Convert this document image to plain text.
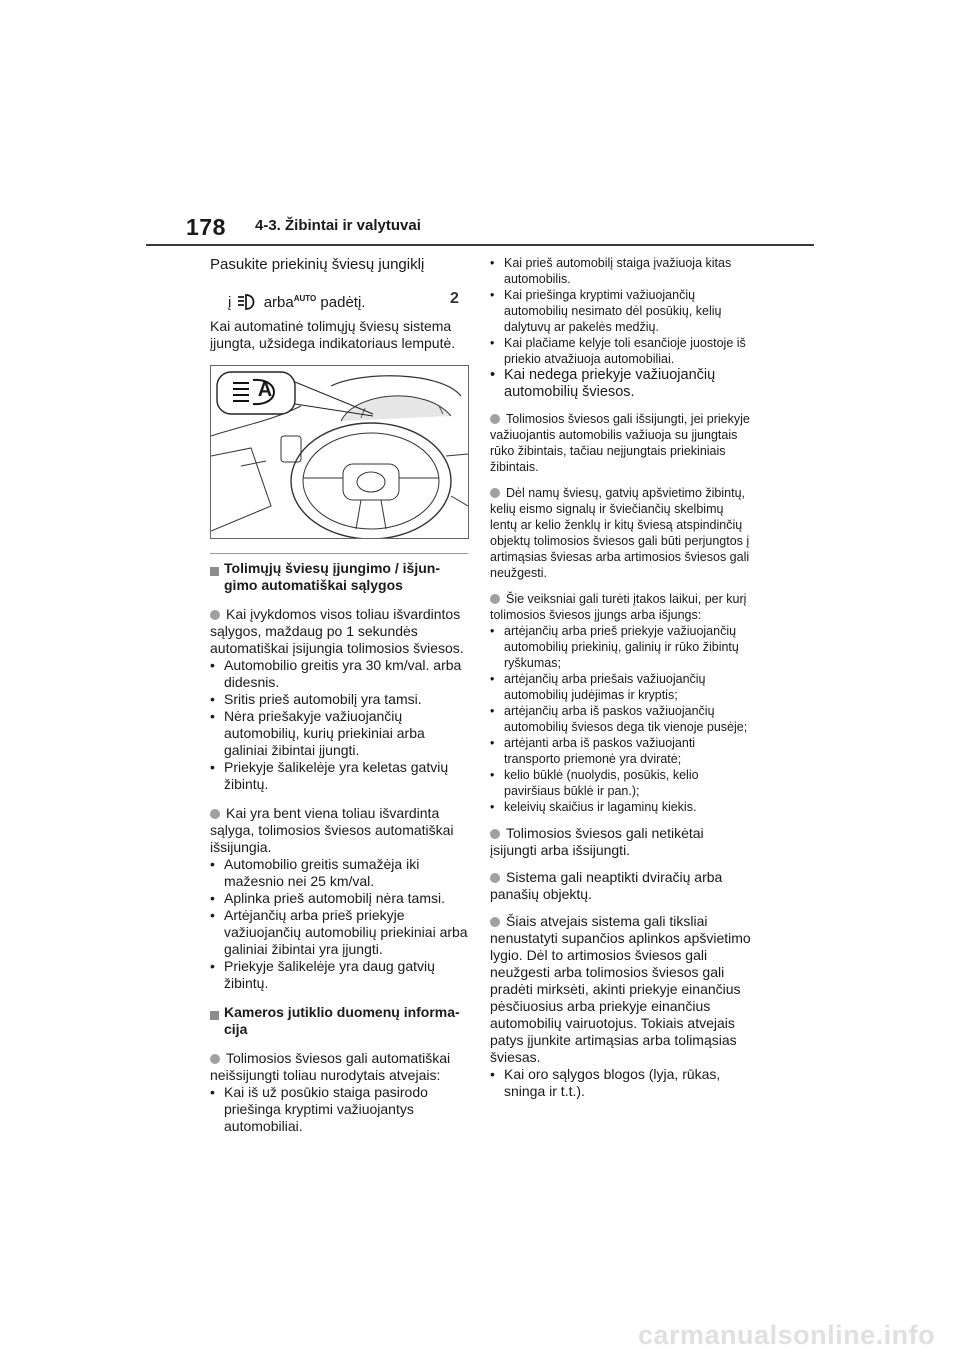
178 4-3. Žibintai ir valytuvai
Pasukite priekinių šviesų jungiklį
į arba$^{AUTO}$ padėtį.	2
Kai automatinė tolimųjų šviesų sistema įjungta, užsidega indikatoriaus lemputė.
A
Tolimųjų šviesų įjungimo / išjun-
gimo automatiškai sąlygos

Kai įvykdomos visos toliau išvardintos sąlygos, maždaug po 1 sekundės automatiškai įsijungia tolimosios šviesos.

• Automobilio greitis yra 30 km/val. arba didesnis.
• Sritis prieš automobilį yra tamsi.
• Nėra priešakyje važiuojančių automobilių, kurių priekiniai arba galiniai žibintai įjungti.
• Priekyje šalikelėje yra keletas gatvių žibintų.

Kai yra bent viena toliau išvardinta sąlyga, tolimosios šviesos automatiškai išsijungia.

• Automobilio greitis sumažėja iki mažesnio nei 25 km/val.
• Aplinka prieš automobilį nėra tamsi.
• Artėjančių arba prieš priekyje važiuojančių automobilių priekiniai arba galiniai žibintai yra įjungti.
• Priekyje šalikelėje yra daug gatvių žibintų.
Kameros jutiklio duomenų informa-
cija

Tolimosios šviesos gali automatiškai neišsijungti toliau nurodytais atvejais:

• Kai iš už posūkio staiga pasirodo priešinga kryptimi važiuojantys automobiliai.
• Kai prieš automobilį staiga įvažiuoja kitas automobilis.
• Kai priešinga kryptimi važiuojančių automobilių nesimato dėl posūkių, kelių dalytuvų ar pakelės medžių.
• Kai plačiame kelyje toli esančioje juostoje iš priekio atvažiuoja automobiliai.
• Kai nedega priekyje važiuojančių automobilių šviesos.

Tolimosios šviesos gali išsijungti, jei priekyje važiuojantis automobilis važiuoja su įjungtais rūko žibintais, tačiau neįjungtais priekiniais žibintais.

Dėl namų šviesų, gatvių apšvietimo žibintų, kelių eismo signalų ir šviečiančių skelbimų lentų ar kelio ženklų ir kitų šviesą atspindinčių objektų tolimosios šviesos gali būti perjungtos į artimąsias šviesas arba artimosios šviesos gali neužgesti.

Šie veiksniai gali turėti įtakos laikui, per kurį tolimosios šviesos įjungs arba išjungs:

• artėjančių arba prieš priekyje važiuojančių automobilių priekinių, galinių ir rūko žibintų ryškumas;
• artėjančių arba priešais važiuojančių automobilių judėjimas ir kryptis;
• artėjančių arba iš paskos važiuojančių automobilių šviesos dega tik vienoje pusėje;
• artėjanti arba iš paskos važiuojanti transporto priemonė yra dviratė;
• kelio būklė (nuolydis, posūkis, kelio paviršiaus būklė ir pan.);
• keleivių skaičius ir lagaminų kiekis.

Tolimosios šviesos gali netikėtai įsijungti arba išsijungti.

Sistema gali neaptikti dviračių arba panašių objektų.

Šiais atvejais sistema gali tiksliai nenustatyti supančios aplinkos apšvietimo lygio. Dėl to artimosios šviesos gali neužgesti arba tolimosios šviesos gali pradėti mirksėti, akinti priekyje einančius pėsčiuosius arba priekyje einančius automobilių vairuotojus. Tokiais atvejais patys įjunkite artimąsias arba tolimąsias šviesas.

• Kai oro sąlygos blogos (lyja, rūkas, sninga ir t.t.).
carmanualsonline.info
